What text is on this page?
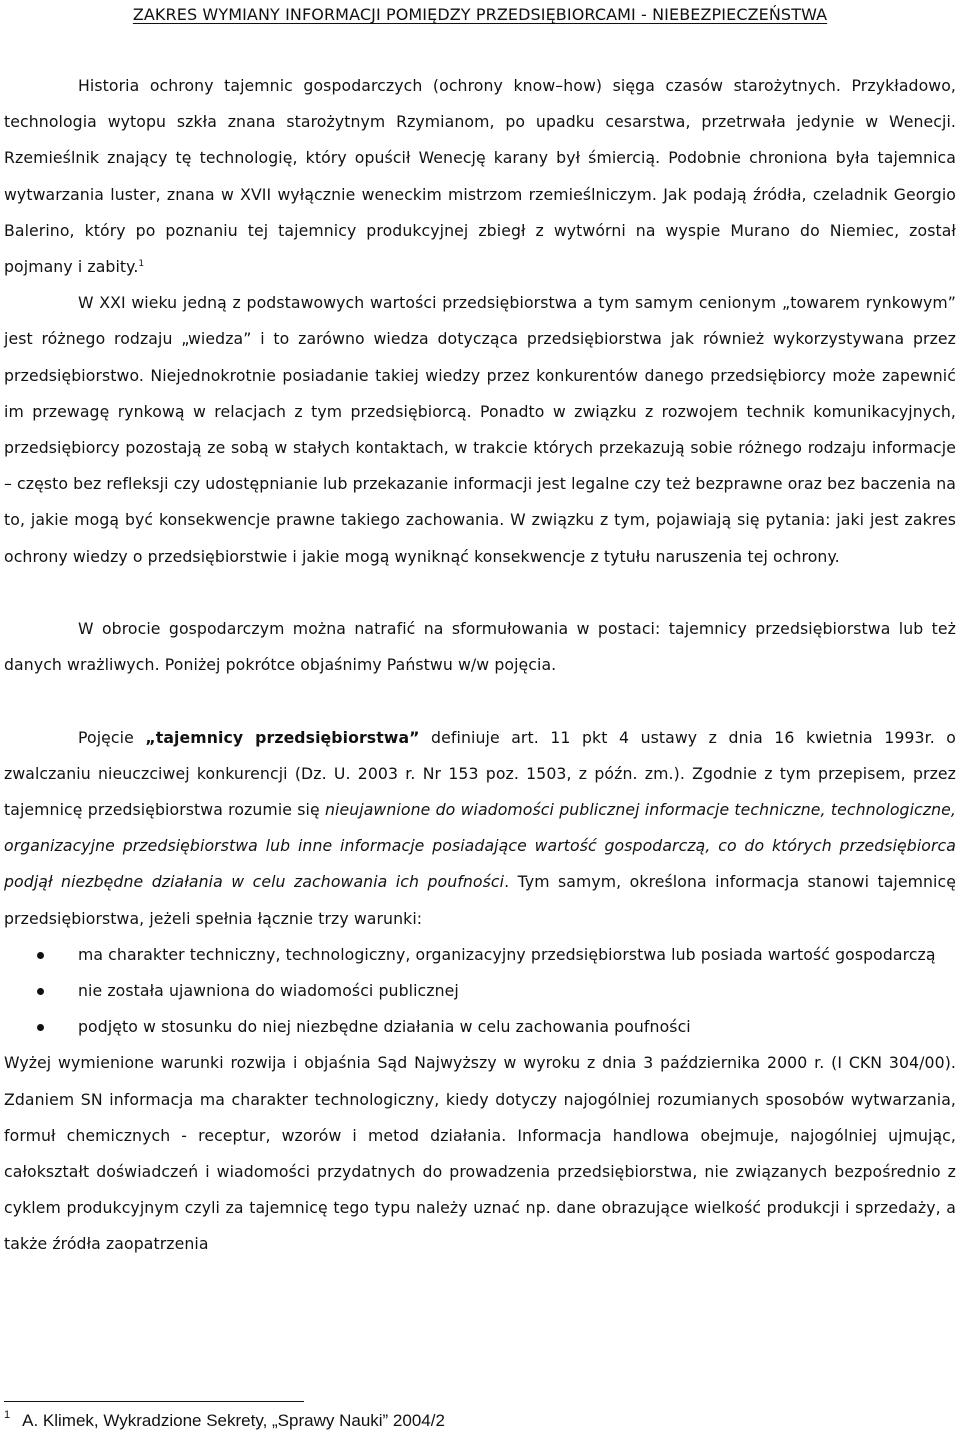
ZAKRES WYMIANY INFORMACJI POMIĘDZY PRZEDSIĘBIORCAMI - NIEBEZPIECZEŃSTWA

Historia ochrony tajemnic gospodarczych (ochrony know–how) sięga czasów starożytnych. Przykładowo, technologia wytopu szkła znana starożytnym Rzymianom, po upadku cesarstwa, przetrwała jedynie w Wenecji. Rzemieślnik znający tę technologię, który opuścił Wenecję karany był śmiercią. Podobnie chroniona była tajemnica wytwarzania luster, znana w XVII wyłącznie weneckim mistrzom rzemieślniczym. Jak podają źródła, czeladnik Georgio Balerino, który po poznaniu tej tajemnicy produkcyjnej zbiegł z wytwórni na wyspie Murano do Niemiec, został pojmany i zabity.$^1$

W XXI wieku jedną z podstawowych wartości przedsiębiorstwa a tym samym cenionym „towarem rynkowym” jest różnego rodzaju „wiedza” i to zarówno wiedza dotycząca przedsiębiorstwa jak również wykorzystywana przez przedsiębiorstwo. Niejednokrotnie posiadanie takiej wiedzy przez konkurentów danego przedsiębiorcy może zapewnić im przewagę rynkową w relacjach z tym przedsiębiorcą. Ponadto w związku z rozwojem technik komunikacyjnych, przedsiębiorcy pozostają ze sobą w stałych kontaktach, w trakcie których przekazują sobie różnego rodzaju informacje – często bez refleksji czy udostępnianie lub przekazanie informacji jest legalne czy też bezprawne oraz bez baczenia na to, jakie mogą być konsekwencje prawne takiego zachowania. W związku z tym, pojawiają się pytania: jaki jest zakres ochrony wiedzy o przedsiębiorstwie i jakie mogą wyniknąć konsekwencje z tytułu naruszenia tej ochrony.

W obrocie gospodarczym można natrafić na sformułowania w postaci: tajemnicy przedsiębiorstwa lub też danych wrażliwych. Poniżej pokrótce objaśnimy Państwu w/w pojęcia.

Pojęcie „tajemnicy przedsiębiorstwa” definiuje art. 11 pkt 4 ustawy z dnia 16 kwietnia 1993r. o zwalczaniu nieuczciwej konkurencji (Dz. U. 2003 r. Nr 153 poz. 1503, z późn. zm.). Zgodnie z tym przepisem, przez tajemnicę przedsiębiorstwa rozumie się nieujawnione do wiadomości publicznej informacje techniczne, technologiczne, organizacyjne przedsiębiorstwa lub inne informacje posiadające wartość gospodarczą, co do których przedsiębiorca podjął niezbędne działania w celu zachowania ich poufności. Tym samym, określona informacja stanowi tajemnicę przedsiębiorstwa, jeżeli spełnia łącznie trzy warunki:

ma charakter techniczny, technologiczny, organizacyjny przedsiębiorstwa lub posiada wartość gospodarczą
nie została ujawniona do wiadomości publicznej
podjęto w stosunku do niej niezbędne działania w celu zachowania poufności

Wyżej wymienione warunki rozwija i objaśnia Sąd Najwyższy w wyroku z dnia 3 października 2000 r. (I CKN 304/00). Zdaniem SN informacja ma charakter technologiczny, kiedy dotyczy najogólniej rozumianych sposobów wytwarzania, formuł chemicznych - receptur, wzorów i metod działania. Informacja handlowa obejmuje, najogólniej ujmując, całokształt doświadczeń i wiadomości przydatnych do prowadzenia przedsiębiorstwa, nie związanych bezpośrednio z cyklem produkcyjnym czyli za tajemnicę tego typu należy uznać np. dane obrazujące wielkość produkcji i sprzedaży, a także źródła zaopatrzenia

$^1$ A. Klimek, Wykradzione Sekrety, „Sprawy Nauki” 2004/2
